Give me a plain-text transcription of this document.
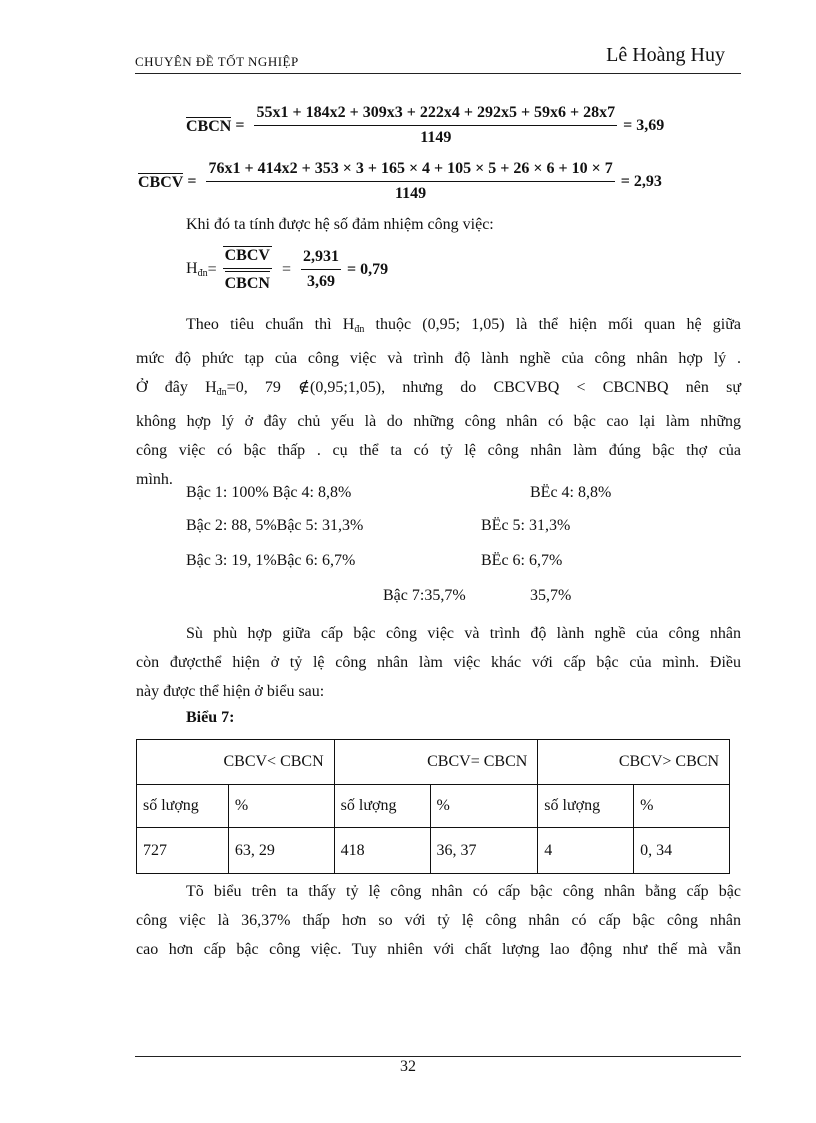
CHUYÊN ĐỀ TỐT NGHIỆP	Lê Hoàng Huy
CBCN = $\frac{55x1 + 184x2 + 309x3 + 222x4 + 292x5 + 59x6 + 28x7}{1149} = 3,69$
CBCV = $\frac{76x1 + 414x2 + 353 \times 3 + 165 \times 4 + 105 \times 5 + 26 \times 6 + 10 \times 7}{1149} = 2,93$
Khi đó ta tính được hệ số đảm nhiệm công việc:
$H_{đn} = \frac{\text{CBCV}}{\text{CBCN}} = \frac{2,931}{3,69} = 0,79$
Theo tiêu chuẩn thì $H_{đn}$ thuộc (0,95; 1,05) là thể hiện mối quan hệ giữa
mức độ phức tạp của công việc và trình độ lành nghề của công nhân hợp lý .
Ở đây $H_{đn}=0$, 79 ∉(0,95;1,05), nhưng do CBCVBQ < CBCNBQ nên sự
không hợp lý ở đây chủ yếu là do những công nhân có bậc cao lại làm những
công việc có bậc thấp . cụ thể ta có tỷ lệ công nhân làm đúng bậc thợ của
mình.
Bậc 1: 100% Bậc 4: 8,8%	BËc 4: 8,8%
Bậc 2: 88, 5%Bậc 5: 31,3%	BËc 5: 31,3%
Bậc 3: 19, 1%Bậc 6: 6,7%	BËc 6: 6,7%
Bậc 7:35,7%	35,7%
Sù phù hợp giữa cấp bậc công việc và trình độ lành nghề của công nhân
còn đượcthể hiện ở tỷ lệ công nhân làm việc khác với cấp bậc của mình. Điều
này được thể hiện ở biểu sau:
Biểu 7:
CBCV< CBCN		CBCV= CBCN		CBCV> CBCN	
số lượng	%	số lượng	%	số lượng	%
727	63, 29	418	36, 37	4	0, 34
Tõ biểu trên ta thấy tỷ lệ công nhân có cấp bậc công nhân bằng cấp bậc
công việc là 36,37% thấp hơn so với tỷ lệ công nhân có cấp bậc công nhân
cao hơn cấp bậc công việc. Tuy nhiên với chất lượng lao động như thế mà vẫn
32
